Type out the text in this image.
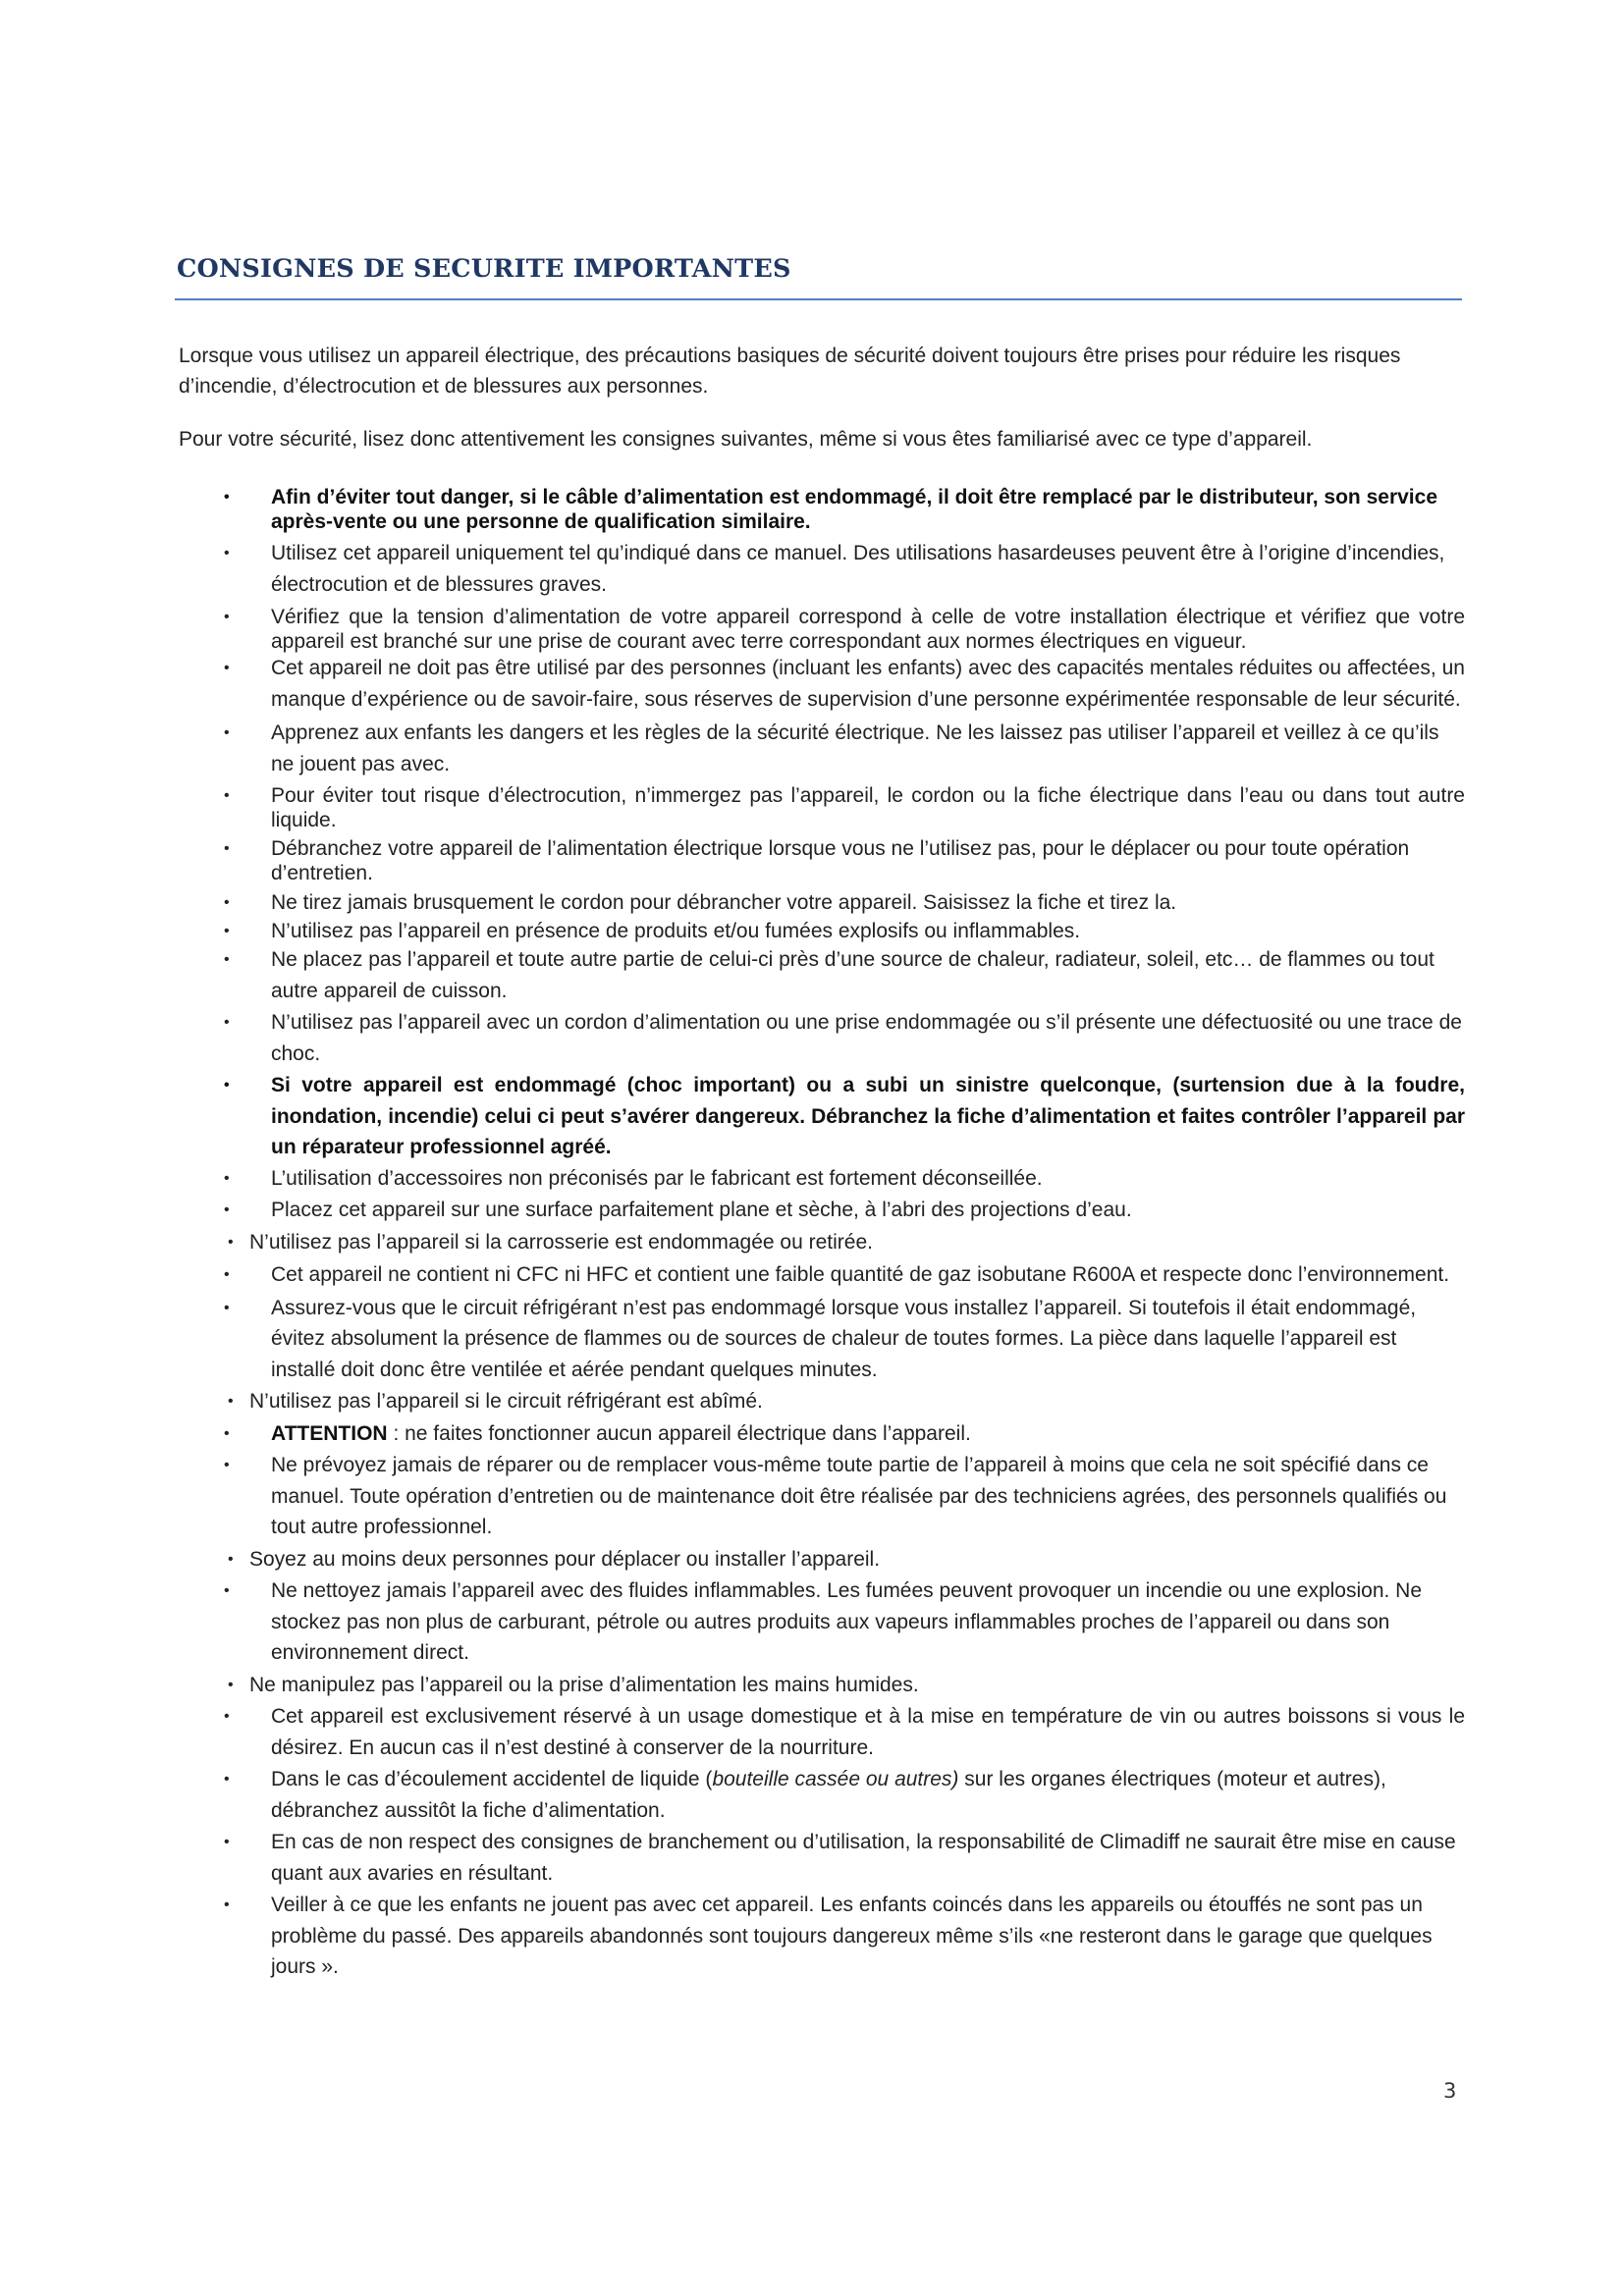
CONSIGNES DE SECURITE IMPORTANTES

Lorsque vous utilisez un appareil électrique, des précautions basiques de sécurité doivent toujours être prises pour réduire les risques d’incendie, d’électrocution et de blessures aux personnes.

Pour votre sécurité, lisez donc attentivement les consignes suivantes, même si vous êtes familiarisé avec ce type d’appareil.

• Afin d’éviter tout danger, si le câble d’alimentation est endommagé, il doit être remplacé par le distributeur, son service après-vente ou une personne de qualification similaire.
• Utilisez cet appareil uniquement tel qu’indiqué dans ce manuel. Des utilisations hasardeuses peuvent être à l’origine d’incendies, électrocution et de blessures graves.
• Vérifiez que la tension d’alimentation de votre appareil correspond à celle de votre installation électrique et vérifiez que votre appareil est branché sur une prise de courant avec terre correspondant aux normes électriques en vigueur.
• Cet appareil ne doit pas être utilisé par des personnes (incluant les enfants) avec des capacités mentales réduites ou affectées, un manque d’expérience ou de savoir-faire, sous réserves de supervision d’une personne expérimentée responsable de leur sécurité.
• Apprenez aux enfants les dangers et les règles de la sécurité électrique. Ne les laissez pas utiliser l’appareil et veillez à ce qu’ils ne jouent pas avec.
• Pour éviter tout risque d’électrocution, n’immergez pas l’appareil, le cordon ou la fiche électrique dans l’eau ou dans tout autre liquide.
• Débranchez votre appareil de l’alimentation électrique lorsque vous ne l’utilisez pas, pour le déplacer ou pour toute opération d’entretien.
• Ne tirez jamais brusquement le cordon pour débrancher votre appareil. Saisissez la fiche et tirez la.
• N’utilisez pas l’appareil en présence de produits et/ou fumées explosifs ou inflammables.
• Ne placez pas l’appareil et toute autre partie de celui-ci près d’une source de chaleur, radiateur, soleil, etc… de flammes ou tout autre appareil de cuisson.
• N’utilisez pas l’appareil avec un cordon d’alimentation ou une prise endommagée ou s’il présente une défectuosité ou une trace de choc.
• Si votre appareil est endommagé (choc important) ou a subi un sinistre quelconque, (surtension due à la foudre, inondation, incendie) celui ci peut s’avérer dangereux. Débranchez la fiche d’alimentation et faites contrôler l’appareil par un réparateur professionnel agréé.
• L’utilisation d’accessoires non préconisés par le fabricant est fortement déconseillée.
• Placez cet appareil sur une surface parfaitement plane et sèche, à l’abri des projections d’eau.
• N’utilisez pas l’appareil si la carrosserie est endommagée ou retirée.
• Cet appareil ne contient ni CFC ni HFC et contient une faible quantité de gaz isobutane R600A et respecte donc l’environnement.
• Assurez-vous que le circuit réfrigérant n’est pas endommagé lorsque vous installez l’appareil. Si toutefois il était endommagé, évitez absolument la présence de flammes ou de sources de chaleur de toutes formes. La pièce dans laquelle l’appareil est installé doit donc être ventilée et aérée pendant quelques minutes.
• N’utilisez pas l’appareil si le circuit réfrigérant est abîmé.
• ATTENTION : ne faites fonctionner aucun appareil électrique dans l’appareil.
• Ne prévoyez jamais de réparer ou de remplacer vous-même toute partie de l’appareil à moins que cela ne soit spécifié dans ce manuel. Toute opération d’entretien ou de maintenance doit être réalisée par des techniciens agrées, des personnels qualifiés ou tout autre professionnel.
• Soyez au moins deux personnes pour déplacer ou installer l’appareil.
• Ne nettoyez jamais l’appareil avec des fluides inflammables. Les fumées peuvent provoquer un incendie ou une explosion. Ne stockez pas non plus de carburant, pétrole ou autres produits aux vapeurs inflammables proches de l’appareil ou dans son environnement direct.
• Ne manipulez pas l’appareil ou la prise d’alimentation les mains humides.
• Cet appareil est exclusivement réservé à un usage domestique et à la mise en température de vin ou autres boissons si vous le désirez. En aucun cas il n’est destiné à conserver de la nourriture.
• Dans le cas d’écoulement accidentel de liquide (bouteille cassée ou autres) sur les organes électriques (moteur et autres), débranchez aussitôt la fiche d’alimentation.
• En cas de non respect des consignes de branchement ou d’utilisation, la responsabilité de Climadiff ne saurait être mise en cause quant aux avaries en résultant.
• Veiller à ce que les enfants ne jouent pas avec cet appareil. Les enfants coincés dans les appareils ou étouffés ne sont pas un problème du passé. Des appareils abandonnés sont toujours dangereux même s’ils «ne resteront dans le garage que quelques jours ».
3
